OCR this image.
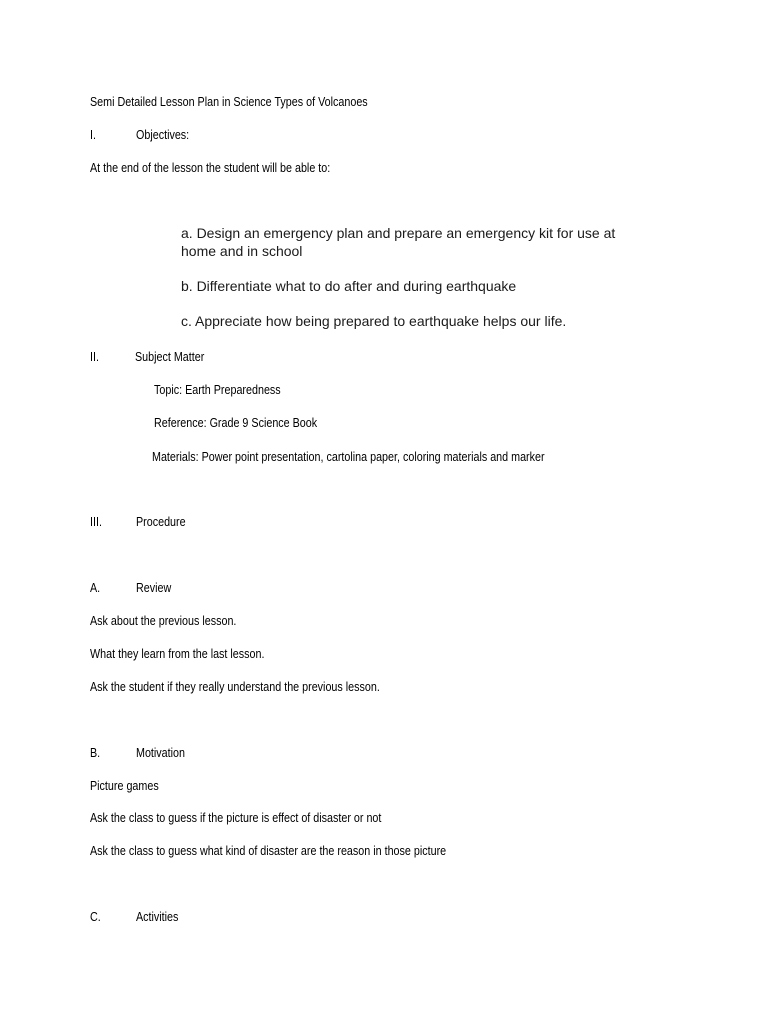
Semi Detailed Lesson Plan in Science Types of Volcanoes
I.	Objectives:
At the end of the lesson the student will be able to:
a. Design an emergency plan and prepare an emergency kit for use at
home and in school
b. Differentiate what to do after and during earthquake
c. Appreciate how being prepared to earthquake helps our life.
II.	Subject Matter
Topic: Earth Preparedness
Reference: Grade 9 Science Book
Materials: Power point presentation, cartolina paper, coloring materials and marker
III.	Procedure
A.	Review
Ask about the previous lesson.
What they learn from the last lesson.
Ask the student if they really understand the previous lesson.
B.	Motivation
Picture games
Ask the class to guess if the picture is effect of disaster or not
Ask the class to guess what kind of disaster are the reason in those picture
C.	Activities
